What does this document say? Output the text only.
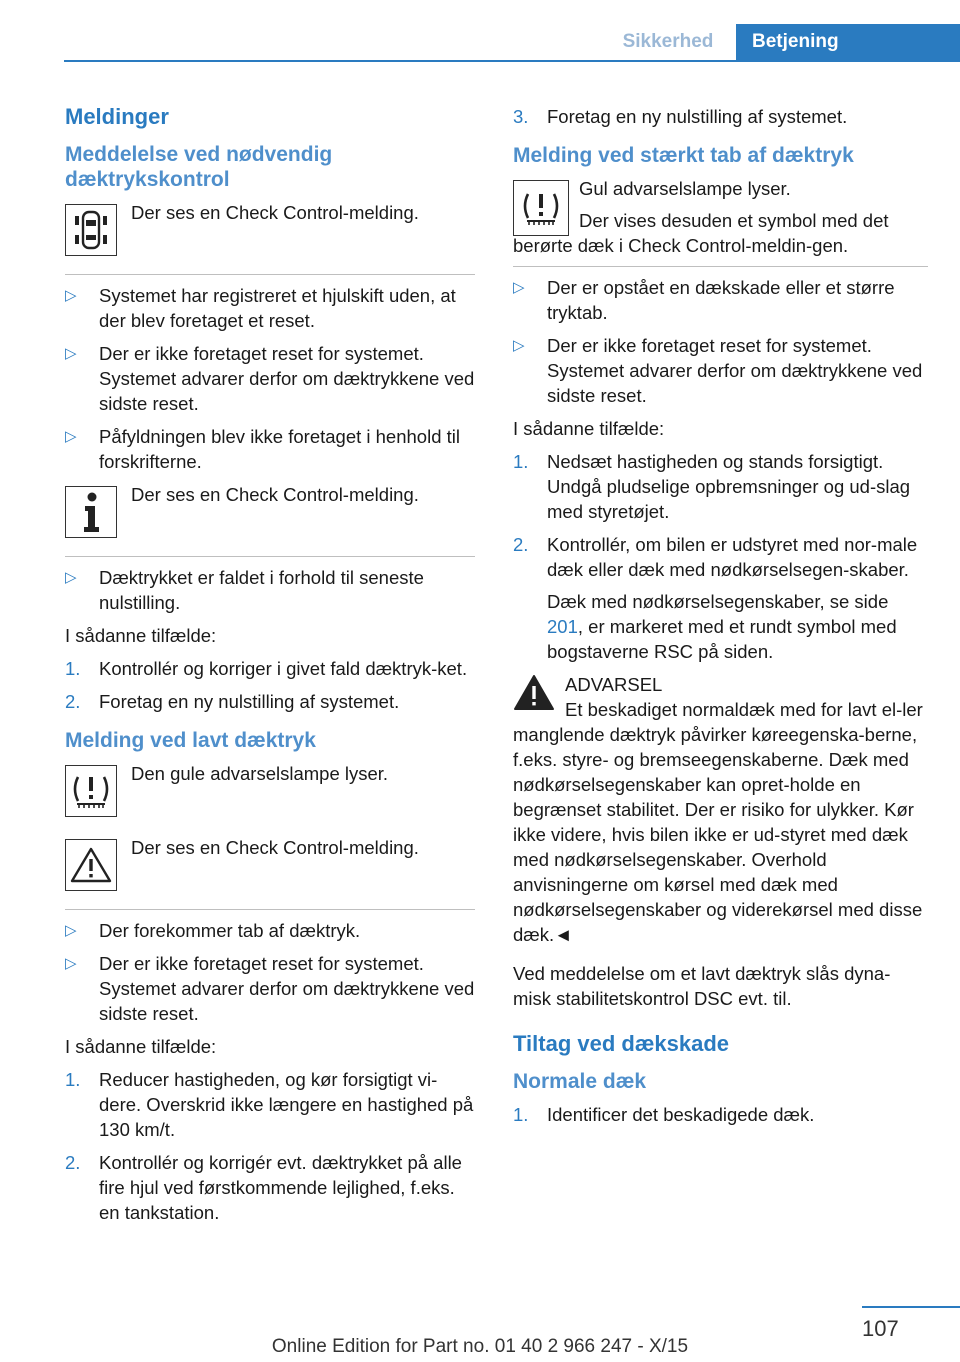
Sikkerhed	Betjening
Meldinger
Meddelelse ved nødvendig dæktrykskontrol
Der ses en Check Control-melding.
▷ Systemet har registreret et hjulskift uden, at der blev foretaget et reset.
▷ Der er ikke foretaget reset for systemet. Systemet advarer derfor om dæktrykkene ved sidste reset.
▷ Påfyldningen blev ikke foretaget i henhold til forskrifterne.
Der ses en Check Control-melding.
▷ Dæktrykket er faldet i forhold til seneste nulstilling.
I sådanne tilfælde:
1. Kontrollér og korriger i givet fald dæktryk-ket.
2. Foretag en ny nulstilling af systemet.
Melding ved lavt dæktryk
Den gule advarselslampe lyser.
Der ses en Check Control-melding.
▷ Der forekommer tab af dæktryk.
▷ Der er ikke foretaget reset for systemet. Systemet advarer derfor om dæktrykkene ved sidste reset.
I sådanne tilfælde:
1. Reducer hastigheden, og kør forsigtigt vi-dere. Overskrid ikke længere en hastighed på 130 km/t.
2. Kontrollér og korrigér evt. dæktrykket på alle fire hjul ved førstkommende lejlighed, f.eks. en tankstation.
3. Foretag en ny nulstilling af systemet.
Melding ved stærkt tab af dæktryk
Gul advarselslampe lyser.
Der vises desuden et symbol med det berørte dæk i Check Control-meldin-gen.
▷ Der er opstået en dækskade eller et større tryktab.
▷ Der er ikke foretaget reset for systemet. Systemet advarer derfor om dæktrykkene ved sidste reset.
I sådanne tilfælde:
1. Nedsæt hastigheden og stands forsigtigt. Undgå pludselige opbremsninger og ud-slag med styretøjet.
2. Kontrollér, om bilen er udstyret med nor-male dæk eller dæk med nødkørselsegen-skaber.
Dæk med nødkørselsegenskaber, se side 201, er markeret med et rundt symbol med bogstaverne RSC på siden.
ADVARSEL
Et beskadiget normaldæk med for lavt el-ler manglende dæktryk påvirker køreegenska-berne, f.eks. styre- og bremseegenskaberne. Dæk med nødkørselsegenskaber kan opret-holde en begrænset stabilitet. Der er risiko for ulykker. Kør ikke videre, hvis bilen ikke er ud-styret med dæk med nødkørselsegenskaber. Overhold anvisningerne om kørsel med dæk med nødkørselsegenskaber og viderekørsel med disse dæk.◄
Ved meddelelse om et lavt dæktryk slås dyna-misk stabilitetskontrol DSC evt. til.
Tiltag ved dækskade
Normale dæk
1. Identificer det beskadigede dæk.
107
Online Edition for Part no. 01 40 2 966 247 - X/15
